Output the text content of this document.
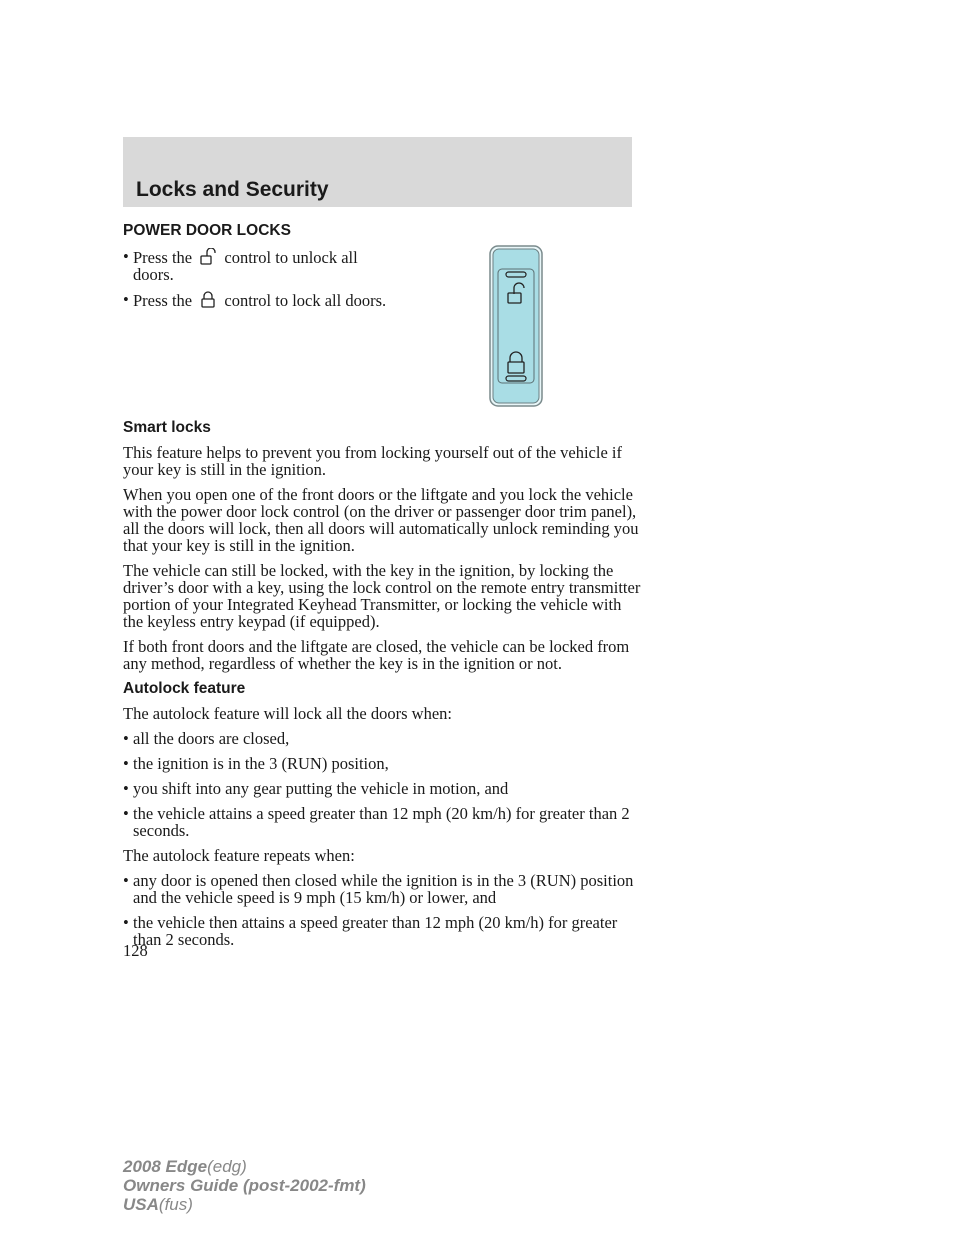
Locks and Security
POWER DOOR LOCKS
• Press the control to unlock all doors.
• Press the control to lock all doors.
Smart locks

This feature helps to prevent you from locking yourself out of the vehicle if your key is still in the ignition.

When you open one of the front doors or the liftgate and you lock the vehicle with the power door lock control (on the driver or passenger door trim panel), all the doors will lock, then all doors will automatically unlock reminding you that your key is still in the ignition.

The vehicle can still be locked, with the key in the ignition, by locking the driver’s door with a key, using the lock control on the remote entry transmitter portion of your Integrated Keyhead Transmitter, or locking the vehicle with the keyless entry keypad (if equipped).

If both front doors and the liftgate are closed, the vehicle can be locked from any method, regardless of whether the key is in the ignition or not.

Autolock feature

The autolock feature will lock all the doors when:

• all the doors are closed,
• the ignition is in the 3 (RUN) position,
• you shift into any gear putting the vehicle in motion, and
• the vehicle attains a speed greater than 12 mph (20 km/h) for greater than 2 seconds.

The autolock feature repeats when:

• any door is opened then closed while the ignition is in the 3 (RUN) position and the vehicle speed is 9 mph (15 km/h) or lower, and
• the vehicle then attains a speed greater than 12 mph (20 km/h) for greater than 2 seconds.

128

2008 Edge(edg)
Owners Guide (post-2002-fmt)
USA(fus)
